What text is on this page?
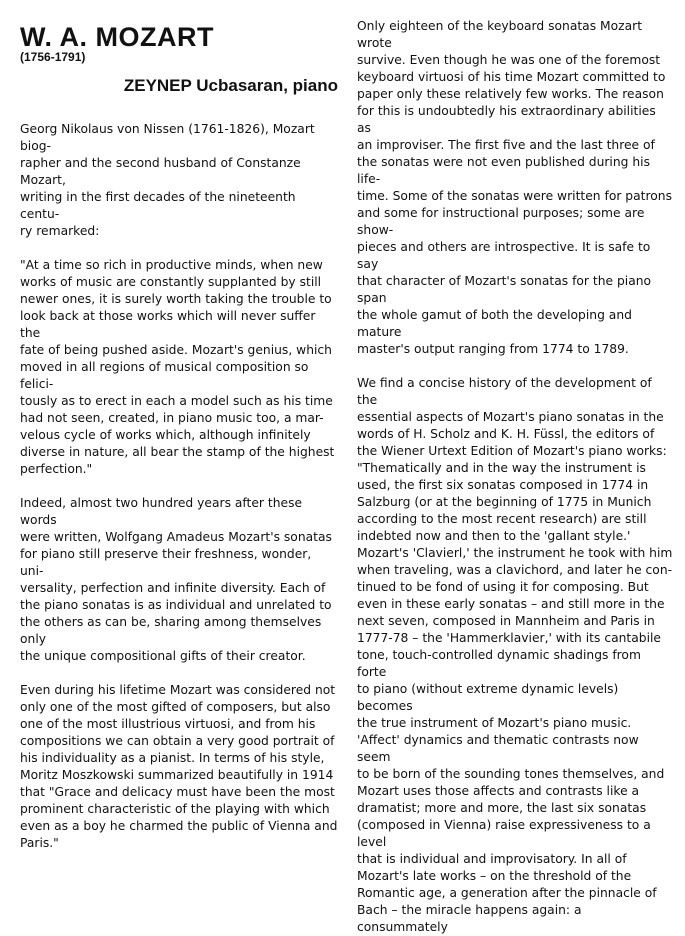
W. A. MOZART
(1756-1791)
ZEYNEP Ucbasaran, piano

Georg Nikolaus von Nissen (1761-1826), Mozart biog-
rapher and the second husband of Constanze Mozart,
writing in the first decades of the nineteenth centu-
ry remarked:

"At a time so rich in productive minds, when new
works of music are constantly supplanted by still
newer ones, it is surely worth taking the trouble to
look back at those works which will never suffer the
fate of being pushed aside. Mozart's genius, which
moved in all regions of musical composition so felici-
tously as to erect in each a model such as his time
had not seen, created, in piano music too, a mar-
velous cycle of works which, although infinitely
diverse in nature, all bear the stamp of the highest
perfection."

Indeed, almost two hundred years after these words
were written, Wolfgang Amadeus Mozart's sonatas
for piano still preserve their freshness, wonder, uni-
versality, perfection and infinite diversity. Each of
the piano sonatas is as individual and unrelated to
the others as can be, sharing among themselves only
the unique compositional gifts of their creator.

Even during his lifetime Mozart was considered not
only one of the most gifted of composers, but also
one of the most illustrious virtuosi, and from his
compositions we can obtain a very good portrait of
his individuality as a pianist. In terms of his style,
Moritz Moszkowski summarized beautifully in 1914
that "Grace and delicacy must have been the most
prominent characteristic of the playing with which
even as a boy he charmed the public of Vienna and
Paris."

Only eighteen of the keyboard sonatas Mozart wrote
survive. Even though he was one of the foremost
keyboard virtuosi of his time Mozart committed to
paper only these relatively few works. The reason
for this is undoubtedly his extraordinary abilities as
an improviser. The first five and the last three of
the sonatas were not even published during his life-
time. Some of the sonatas were written for patrons
and some for instructional purposes; some are show-
pieces and others are introspective. It is safe to say
that character of Mozart's sonatas for the piano span
the whole gamut of both the developing and mature
master's output ranging from 1774 to 1789.

We find a concise history of the development of the
essential aspects of Mozart's piano sonatas in the
words of H. Scholz and K. H. Füssl, the editors of
the Wiener Urtext Edition of Mozart's piano works:
"Thematically and in the way the instrument is
used, the first six sonatas composed in 1774 in
Salzburg (or at the beginning of 1775 in Munich
according to the most recent research) are still
indebted now and then to the 'gallant style.'
Mozart's 'Clavierl,' the instrument he took with him
when traveling, was a clavichord, and later he con-
tinued to be fond of using it for composing. But
even in these early sonatas – and still more in the
next seven, composed in Mannheim and Paris in
1777-78 – the 'Hammerklavier,' with its cantabile
tone, touch-controlled dynamic shadings from forte
to piano (without extreme dynamic levels) becomes
the true instrument of Mozart's piano music.
'Affect' dynamics and thematic contrasts now seem
to be born of the sounding tones themselves, and
Mozart uses those affects and contrasts like a
dramatist; more and more, the last six sonatas
(composed in Vienna) raise expressiveness to a level
that is individual and improvisatory. In all of
Mozart's late works – on the threshold of the
Romantic age, a generation after the pinnacle of
Bach – the miracle happens again: a consummately
